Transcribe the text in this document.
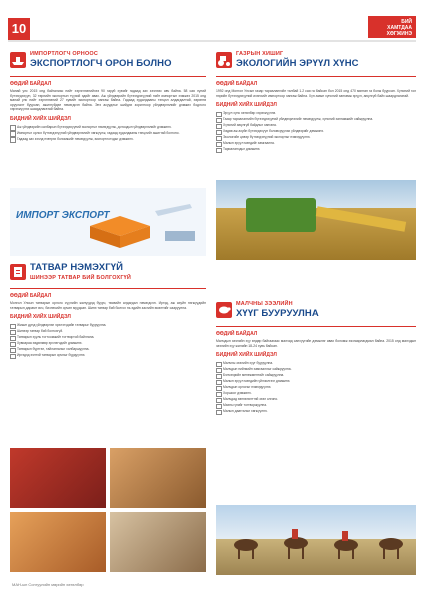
10	БИЙ
ХАМТДАА
ХӨГЖИНЭ
ИМПОРТЛОГЧ ОРНООС
ЭКСПОРТЛОГЧ ОРОН БОЛНО
ӨӨДИЙ БАЙДАЛ
Манай улс 2015 онд байгалиас нийт хэрэглээнийхээ 90 гаруй хувийг гадаад зах зээлээс авч байна. 58 сая хүний бүтээгдэхүүн, 32 төрлийн экспортын түүхий эдийг авах. Аж үйлдвэрийн бүтээгдэхүүний нийт импортын хэмжээ 2015 онд манай улс нийт хэрэглээний 27 хувийг экспортоор хангаж байна. Гадаад худалдааны тэнцэл алдагдалтай, хөрөнгө оруулалт буурсан, ажилгүйдэл нэмэгдсэн байна. Энэ асуудлыг шийдэх зорилгоор үйлдвэрлэлийг дэмжих бодлого хэрэгжүүлэх шаардлагатай байна.
БИДНИЙ ХИЙХ ШИЙДЭЛ
Аж үйлдвэрийн салбарын бүтээгдэхүүний экспортыг нэмэгдүүлж, дотоодын үйлдвэрлэлийг дэмжинэ.
Импортыг орлох бүтээгдэхүүний үйлдвэрлэлийг хөгжүүлж, гадаад худалдааны тэнцлийг ашигтай болгоно.
Гадаад зах зээлд нэвтрэх боломжийг нэмэгдүүлж, экспортлогчдыг дэмжинэ.
ИМПОРТ ЭКСПОРТ
ГАЗРЫН ХИШИГ
ЭКОЛОГИЙН ЭРҮҮЛ ХҮНС
ӨӨДИЙ БАЙДАЛ
1992 онд Монгол Улсын газар тариалангийн талбай 1.2 сая га байсан бол 2015 онд 470 мянган га болж буурсан. Хүнсний гол нэрийн бүтээгдэхүүний ихэнхийг импортоор хангаж байна. Хүн амын хүнсний хангамж эрүүл, аюулгүй байх шаардлагатай.
БИДНИЙ ХИЙХ ШИЙДЭЛ
Эрүүл хүнс хөтөлбөр хэрэгжүүлнэ.
Газар тариалангийн бүтээгдэхүүний үйлдвэрлэлийг нэмэгдүүлж, хүнсний хангамжийг сайжруулна.
Хүнсний аюулгүй байдлыг хангана.
Хөдөө аж ахуйн бүтээгдэхүүн боловсруулах үйлдвэрийг дэмжинэ.
Экологийн цэвэр бүтээгдэхүүний экспортыг нэмэгдүүлнэ.
Малын эрүүл мэндийг хамгаална.
Тариаланчдыг дэмжинэ.
ТАТВАР НЭМЭХГҮЙ
ШИНЭЭР ТАТВАР БИЙ БОЛГОХГҮЙ
ӨӨДИЙ БАЙДАЛ
Монгол Улсын татварын орлого сүүлийн жилүүдэд буурч, төсвийн алдагдал нэмэгдсэн. Иргэд, аж ахуйн нэгжүүдийн татварын дарамт өсч, бизнесийн орчин муудсан. Шинэ татвар бий болгох нь эдийн засгийн өсөлтийг сааруулна.
БИДНИЙ ХИЙХ ШИЙДЭЛ
Жижиг дунд үйлдвэрлэл эрхлэгчдийн татварыг бууруулна.
Шинээр татвар бий болгохгүй.
Татварын хууль тогтоомжийг тогтвортой байлгана.
Хувиараа хөдөлмөр эрхлэгчдийг дэмжинэ.
Татварын бүртгэл, тайлагналыг хялбаршуулна.
Иргэдэд ээлтэй татварын орчныг бүрдүүлнэ.
МАЛЧНЫ ЗЭЭЛИЙН
ХҮҮГ БУУРУУЛНА
ӨӨДИЙ БАЙДАЛ
Малчдын зээлийн хүү өндөр байгаагаас малчид санхүүгийн дэмжлэг авах боломж хязгаарлагдмал байна. 2015 онд малчдын зээлийн хүү жилийн 18-24 хувь байсан.
БИДНИЙ ХИЙХ ШИЙДЭЛ
Малчны зээлийн хүүг бууруулна.
Малчдын нийгмийн хамгааллыг сайжруулна.
Бэлчээрийн менежментийг сайжруулна.
Малын эрүүл мэндийн үйлчилгээг дэмжинэ.
Малчдын орлогыг нэмэгдүүлнэ.
Хоршоог дэмжинэ.
Малчдад хөнгөлөлттэй зээл олгоно.
Махны үнийг тогтворжуулна.
Малын даатгалыг хөгжүүлнэ.
МАН-ын Сонгуулийн мөрийн хөтөлбөр
